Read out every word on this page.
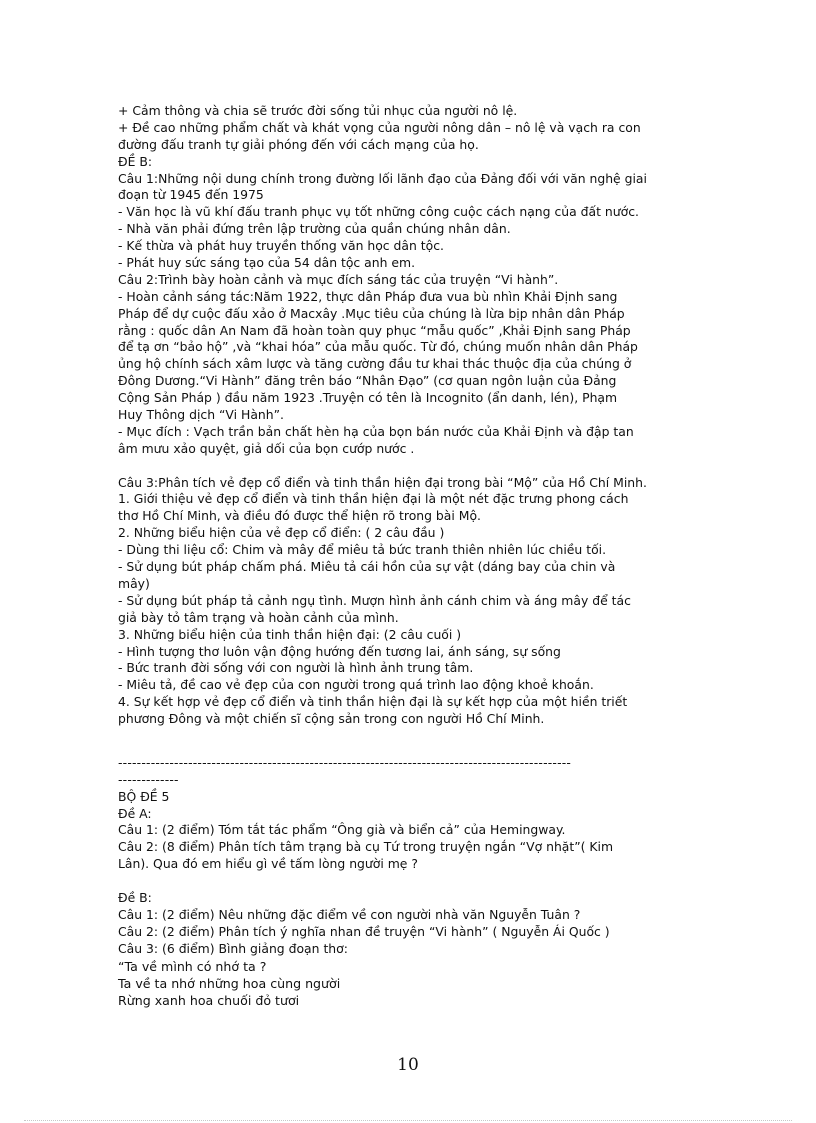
+ Cảm thông và chia sẽ trước đời sống tủi nhục của người nô lệ.
+ Đề cao những phẩm chất và khát vọng của người nông dân – nô lệ và vạch ra con
đường đấu tranh tự giải phóng đến với cách mạng của họ.
ĐỀ B:
Câu 1:Những nội dung chính trong đường lối lãnh đạo của Đảng đối với văn nghệ giai
đoạn từ 1945 đến 1975
- Văn học là vũ khí đấu tranh phục vụ tốt những công cuộc cách nạng của đất nước.
- Nhà văn phải đứng trên lập trường của quần chúng nhân dân.
- Kế thừa và phát huy truyền thống văn học dân tộc.
- Phát huy sức sáng tạo của 54 dân tộc anh em.
Câu 2:Trình bày hoàn cảnh và mục đích sáng tác của truyện “Vi hành”.
- Hoàn cảnh sáng tác:Năm 1922, thực dân Pháp đưa vua bù nhìn Khải Định sang
Pháp để dự cuộc đấu xảo ở Macxây .Mục tiêu của chúng là lừa bịp nhân dân Pháp
rằng : quốc dân An Nam đã hoàn toàn quy phục “mẫu quốc” ,Khải Định sang Pháp
để tạ ơn “bảo hộ” ,và “khai hóa” của mẫu quốc. Từ đó, chúng muốn nhân dân Pháp
ủng hộ chính sách xâm lược và tăng cường đầu tư khai thác thuộc địa của chúng ở
Đông Dương.“Vi Hành” đăng trên báo “Nhân Đạo” (cơ quan ngôn luận của Đảng
Cộng Sản Pháp ) đầu năm 1923 .Truyện có tên là Incognito (ẩn danh, lén), Phạm
Huy Thông dịch “Vi Hành”.
- Mục đích : Vạch trần bản chất hèn hạ của bọn bán nước của Khải Định và đập tan
âm mưu xảo quyệt, giả dối của bọn cướp nước .
Câu 3:Phân tích vẻ đẹp cổ điển và tinh thần hiện đại trong bài “Mộ” của Hồ Chí Minh.
1. Giới thiệu vẻ đẹp cổ điển và tinh thần hiện đại là một nét đặc trưng phong cách
thơ Hồ Chí Minh, và điều đó được thể hiện rõ trong bài Mộ.
2. Những biểu hiện của vẻ đẹp cổ điển: ( 2 câu đầu )
- Dùng thi liệu cổ: Chim và mây để miêu tả bức tranh thiên nhiên lúc chiều tối.
- Sử dụng bút pháp chấm phá. Miêu tả cái hồn của sự vật (dáng bay của chin và
mây)
- Sử dụng bút pháp tả cảnh ngụ tình. Mượn hình ảnh cánh chim và áng mây để tác
giả bày tỏ tâm trạng và hoàn cảnh của mình.
3. Những biểu hiện của tinh thần hiện đại: (2 câu cuối )
- Hình tượng thơ luôn vận động hướng đến tương lai, ánh sáng, sự sống
- Bức tranh đời sống với con người là hình ảnh trung tâm.
- Miêu tả, đề cao vẻ đẹp của con người trong quá trình lao động khoẻ khoắn.
4. Sự kết hợp vẻ đẹp cổ điển và tinh thần hiện đại là sự kết hợp của một hiền triết
phương Đông và một chiến sĩ cộng sản trong con người Hồ Chí Minh.
-------------------------------------------------------------------------------------------------
-------------
BỘ ĐỀ 5
Đề A:
Câu 1: (2 điểm) Tóm tắt tác phẩm “Ông già và biển cả” của Hemingway.
Câu 2: (8 điểm) Phân tích tâm trạng bà cụ Tứ trong truyện ngắn “Vợ nhặt”( Kim
Lân). Qua đó em hiểu gì về tấm lòng người mẹ ?
Đề B:
Câu 1: (2 điểm) Nêu những đặc điểm về con người nhà văn Nguyễn Tuân ?
Câu 2: (2 điểm) Phân tích ý nghĩa nhan đề truyện “Vi hành” ( Nguyễn Ái Quốc )
Câu 3: (6 điểm) Bình giảng đoạn thơ:
“Ta về mình có nhớ ta ?
Ta về ta nhớ những hoa cùng người
Rừng xanh hoa chuối đỏ tươi
10
